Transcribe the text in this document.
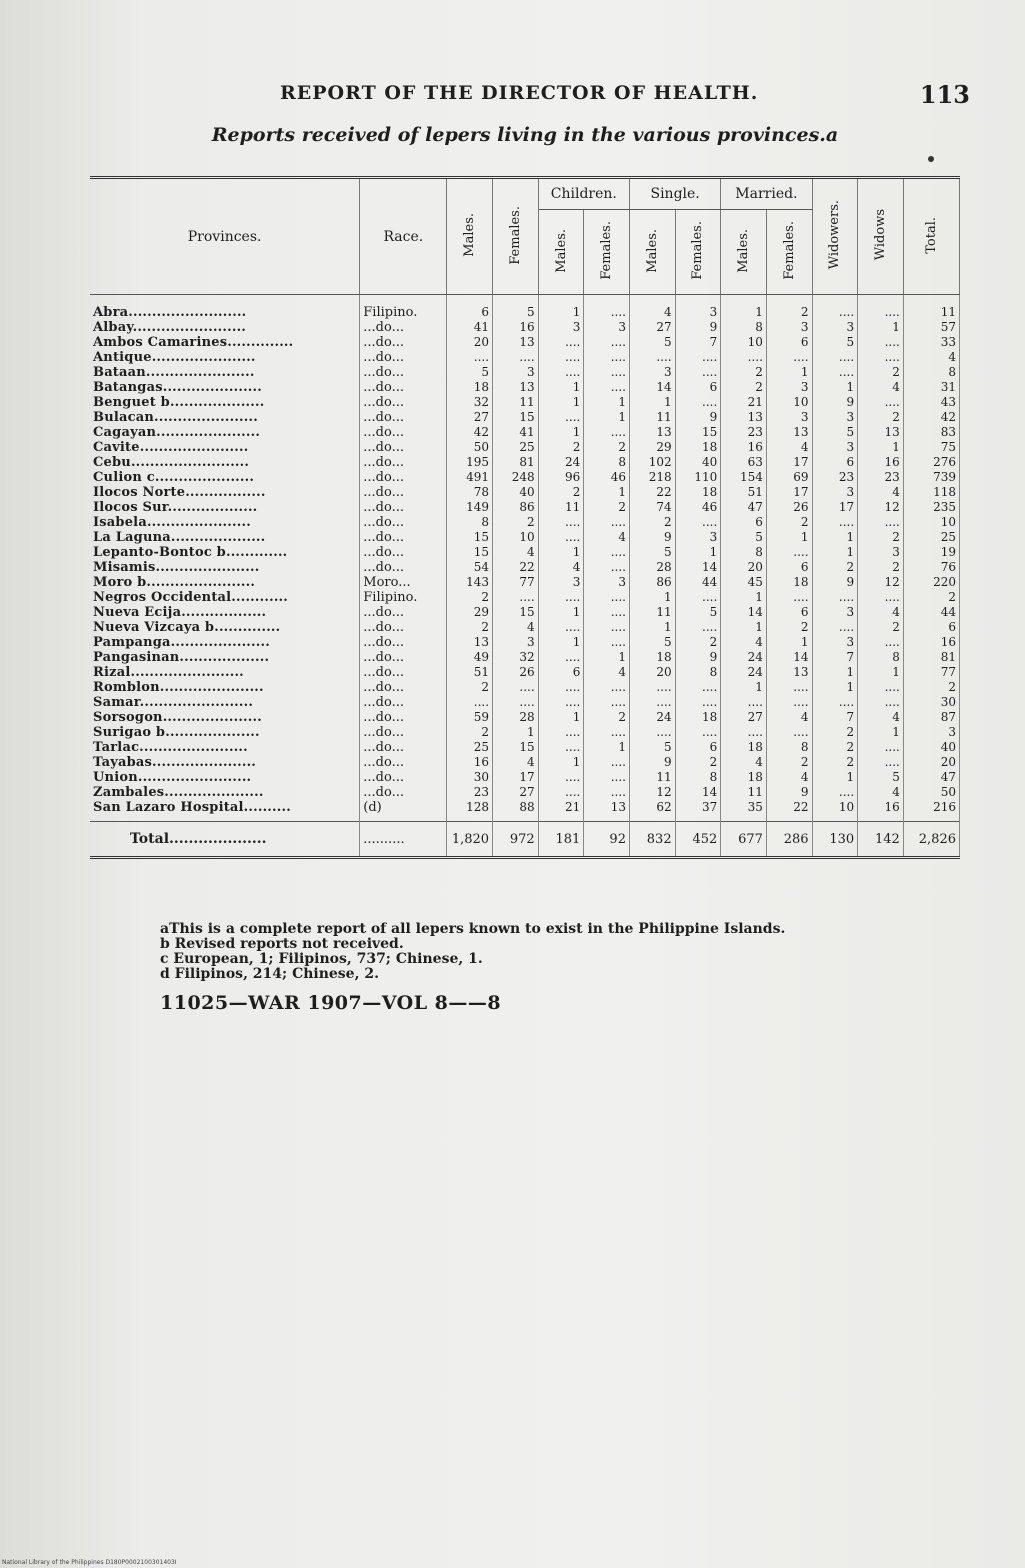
REPORT OF THE DIRECTOR OF HEALTH.	113
Reports received of lepers living in the various provinces.a
Provinces.	Race.	Males.	Females.	Children.		Single.		Married.		Widowers.	Widows	Total.
				Males.	Females.	Males.	Females.	Males.	Females.			
Abra.........................	Filipino.	6	5	1	....	4	3	1	2	....	....	11
Albay........................	...do...	41	16	3	3	27	9	8	3	3	1	57
Ambos Camarines..............	...do...	20	13	....	....	5	7	10	6	5	....	33
Antique......................	...do...	....	....	....	....	....	....	....	....	....	....	4
Bataan.......................	...do...	5	3	....	....	3	....	2	1	....	2	8
Batangas.....................	...do...	18	13	1	....	14	6	2	3	1	4	31
Benguet b....................	...do...	32	11	1	1	1	....	21	10	9	....	43
Bulacan......................	...do...	27	15	....	1	11	9	13	3	3	2	42
Cagayan......................	...do...	42	41	1	....	13	15	23	13	5	13	83
Cavite.......................	...do...	50	25	2	2	29	18	16	4	3	1	75
Cebu.........................	...do...	195	81	24	8	102	40	63	17	6	16	276
Culion c.....................	...do...	491	248	96	46	218	110	154	69	23	23	739
Ilocos Norte.................	...do...	78	40	2	1	22	18	51	17	3	4	118
Ilocos Sur...................	...do...	149	86	11	2	74	46	47	26	17	12	235
Isabela......................	...do...	8	2	....	....	2	....	6	2	....	....	10
La Laguna....................	...do...	15	10	....	4	9	3	5	1	1	2	25
Lepanto-Bontoc b.............	...do...	15	4	1	....	5	1	8	....	1	3	19
Misamis......................	...do...	54	22	4	....	28	14	20	6	2	2	76
Moro b.......................	Moro...	143	77	3	3	86	44	45	18	9	12	220
Negros Occidental............	Filipino.	2	....	....	....	1	....	1	....	....	....	2
Nueva Ecija..................	...do...	29	15	1	....	11	5	14	6	3	4	44
Nueva Vizcaya b..............	...do...	2	4	....	....	1	....	1	2	....	2	6
Pampanga.....................	...do...	13	3	1	....	5	2	4	1	3	....	16
Pangasinan...................	...do...	49	32	....	1	18	9	24	14	7	8	81
Rizal........................	...do...	51	26	6	4	20	8	24	13	1	1	77
Romblon......................	...do...	2	....	....	....	....	....	1	....	1	....	2
Samar........................	...do...	....	....	....	....	....	....	....	....	....	....	30
Sorsogon.....................	...do...	59	28	1	2	24	18	27	4	7	4	87
Surigao b....................	...do...	2	1	....	....	....	....	....	....	2	1	3
Tarlac.......................	...do...	25	15	....	1	5	6	18	8	2	....	40
Tayabas......................	...do...	16	4	1	....	9	2	4	2	2	....	20
Union........................	...do...	30	17	....	....	11	8	18	4	1	5	47
Zambales.....................	...do...	23	27	....	....	12	14	11	9	....	4	50
San Lazaro Hospital..........	(d)	128	88	21	13	62	37	35	22	10	16	216
Total....................	..........	1,820	972	181	92	832	452	677	286	130	142	2,826
aThis is a complete report of all lepers known to exist in the Philippine Islands.
b Revised reports not received.
c European, 1; Filipinos, 737; Chinese, 1.
d Filipinos, 214; Chinese, 2.
11025—WAR 1907—VOL 8——8
National Library of the Philippines D180P0002100301403I
